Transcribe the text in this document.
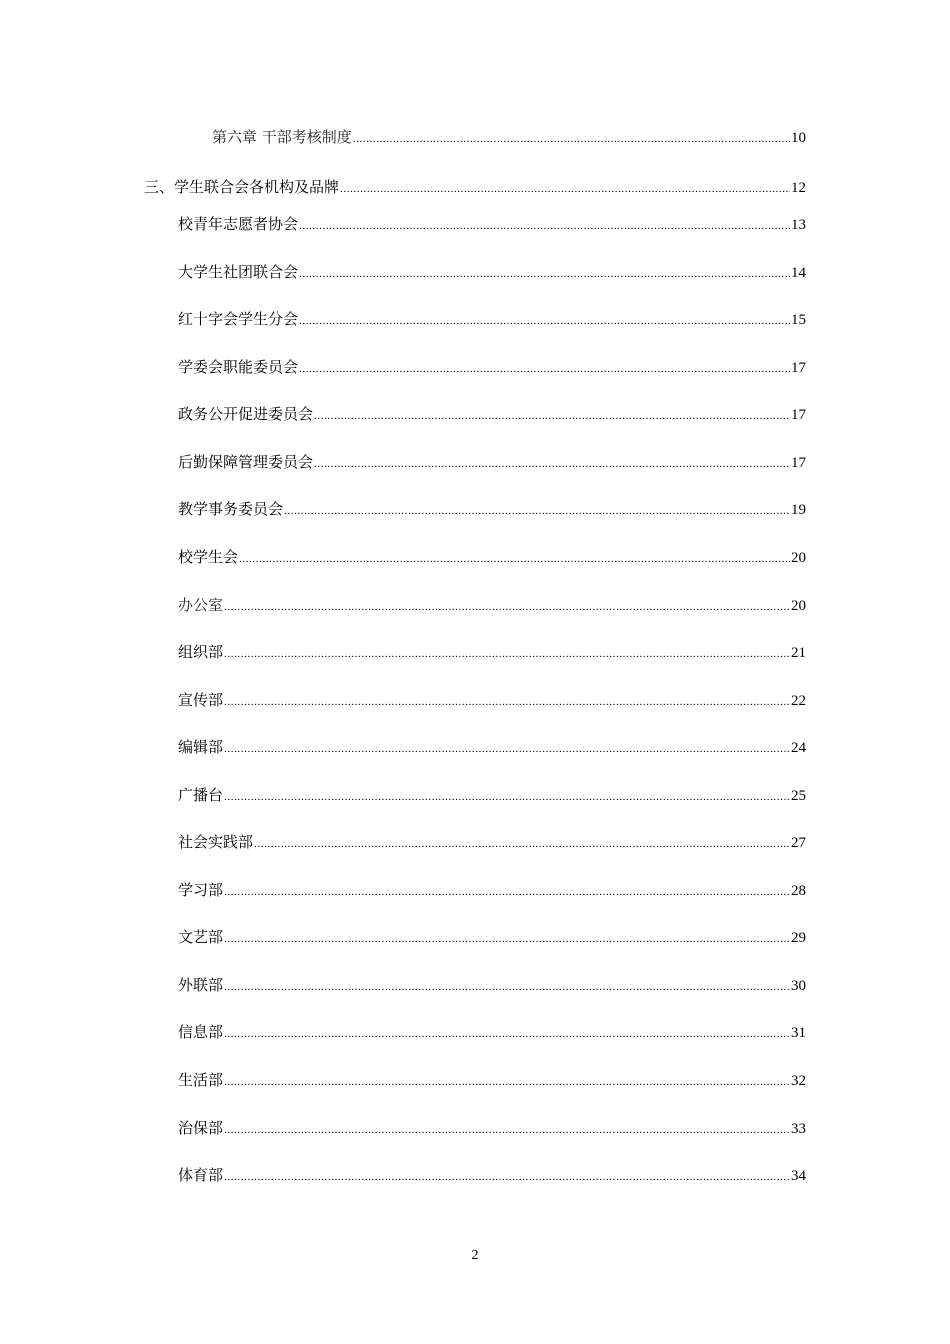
第六章 干部考核制度 .....	10
三、学生联合会各机构及品牌 .....	12
校青年志愿者协会 .....	13
大学生社团联合会 .....	14
红十字会学生分会 .....	15
学委会职能委员会 .....	17
政务公开促进委员会 .....	17
后勤保障管理委员会 .....	17
教学事务委员会 .....	19
校学生会 .....	20
办公室 .....	20
组织部 .....	21
宣传部 .....	22
编辑部 .....	24
广播台 .....	25
社会实践部 .....	27
学习部 .....	28
文艺部 .....	29
外联部 .....	30
信息部 .....	31
生活部 .....	32
治保部 .....	33
体育部 .....	34
2
